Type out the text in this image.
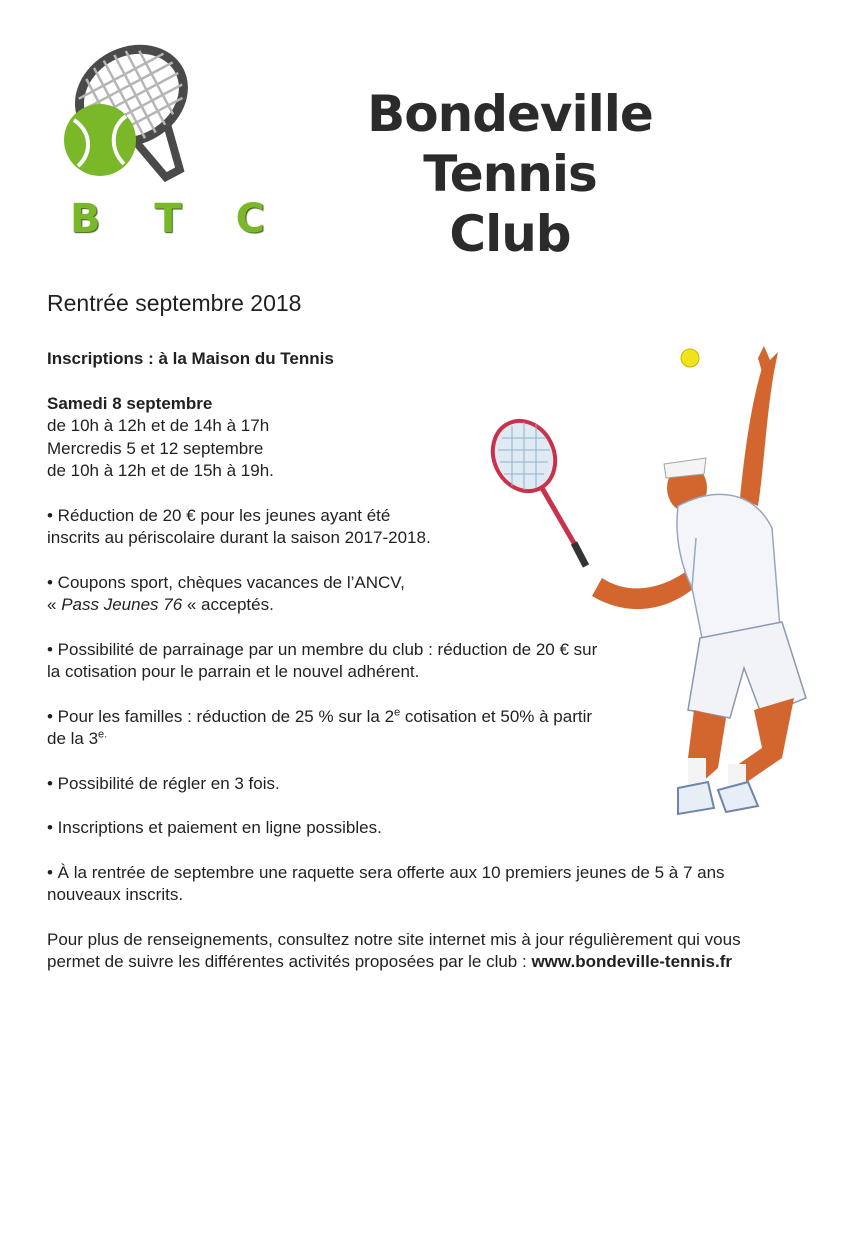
B T C
Bondeville Tennis
Club
Rentrée septembre 2018

Inscriptions : à la Maison du Tennis

Samedi 8 septembre

de 10h à 12h et de 14h à 17h

Mercredis 5 et 12 septembre

de 10h à 12h et de 15h à 19h.

• Réduction de 20 € pour les jeunes ayant été

inscrits au périscolaire durant la saison 2017-2018.

• Coupons sport, chèques vacances de l’ANCV,

« Pass Jeunes 76 « acceptés.

• Possibilité de parrainage par un membre du club : réduction de 20 € sur

la cotisation pour le parrain et le nouvel adhérent.

• Pour les familles : réduction de 25 % sur la 2e cotisation et 50% à partir

de la $3^{e.}$

• Possibilité de régler en 3 fois.

• Inscriptions et paiement en ligne possibles.

• À la rentrée de septembre une raquette sera offerte aux 10 premiers jeunes de 5 à 7 ans

nouveaux inscrits.

Pour plus de renseignements, consultez notre site internet mis à jour régulièrement qui vous

permet de suivre les différentes activités proposées par le club : www.bondeville-tennis.fr
